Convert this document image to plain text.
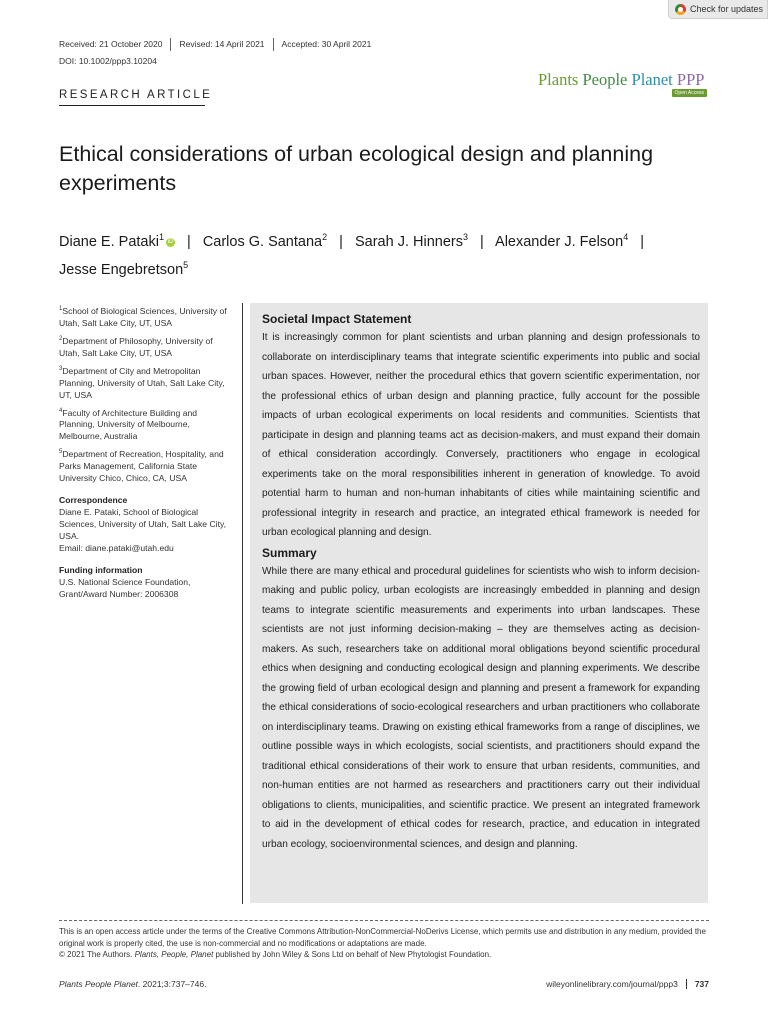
Check for updates
Received: 21 October 2020	Revised: 14 April 2021	Accepted: 30 April 2021
DOI: 10.1002/ppp3.10204
Plants People Planet PPP
Open Access
RESEARCH ARTICLE
Ethical considerations of urban ecological design and planning experiments
Diane E. Pataki$^1$ iD | Carlos G. Santana$^2$ | Sarah J. Hinners$^3$ | Alexander J. Felson$^4$ |
Jesse Engebretson$^5$
$^1$School of Biological Sciences, University of Utah, Salt Lake City, UT, USA
$^2$Department of Philosophy, University of Utah, Salt Lake City, UT, USA
$^3$Department of City and Metropolitan Planning, University of Utah, Salt Lake City, UT, USA
$^4$Faculty of Architecture Building and Planning, University of Melbourne, Melbourne, Australia
$^5$Department of Recreation, Hospitality, and Parks Management, California State University Chico, Chico, CA, USA
Correspondence
Diane E. Pataki, School of Biological Sciences, University of Utah, Salt Lake City, USA.
Email: diane.pataki@utah.edu
Funding information
U.S. National Science Foundation, Grant/Award Number: 2006308
Societal Impact Statement

It is increasingly common for plant scientists and urban planning and design professionals to collaborate on interdisciplinary teams that integrate scientific experiments into public and social urban spaces. However, neither the procedural ethics that govern scientific experimentation, nor the professional ethics of urban design and planning practice, fully account for the possible impacts of urban ecological experiments on local residents and communities. Scientists that participate in design and planning teams act as decision-makers, and must expand their domain of ethical consideration accordingly. Conversely, practitioners who engage in ecological experiments take on the moral responsibilities inherent in generation of knowledge. To avoid potential harm to human and non-human inhabitants of cities while maintaining scientific and professional integrity in research and practice, an integrated ethical framework is needed for urban ecological planning and design.

Summary

While there are many ethical and procedural guidelines for scientists who wish to inform decision-making and public policy, urban ecologists are increasingly embedded in planning and design teams to integrate scientific measurements and experiments into urban landscapes. These scientists are not just informing decision-making – they are themselves acting as decision-makers. As such, researchers take on additional moral obligations beyond scientific procedural ethics when designing and conducting ecological design and planning experiments. We describe the growing field of urban ecological design and planning and present a framework for expanding the ethical considerations of socio-ecological researchers and urban practitioners who collaborate on interdisciplinary teams. Drawing on existing ethical frameworks from a range of disciplines, we outline possible ways in which ecologists, social scientists, and practitioners should expand the traditional ethical considerations of their work to ensure that urban residents, communities, and non-human entities are not harmed as researchers and practitioners carry out their individual obligations to clients, municipalities, and scientific practice. We present an integrated framework to aid in the development of ethical codes for research, practice, and education in integrated urban ecology, socioenvironmental sciences, and design and planning.

This is an open access article under the terms of the Creative Commons Attribution-NonCommercial-NoDerivs License, which permits use and distribution in any medium, provided the original work is properly cited, the use is non-commercial and no modifications or adaptations are made.
© 2021 The Authors. Plants, People, Planet published by John Wiley & Sons Ltd on behalf of New Phytologist Foundation.
Plants People Planet. 2021;3:737–746.	wileyonlinelibrary.com/journal/ppp3	737
